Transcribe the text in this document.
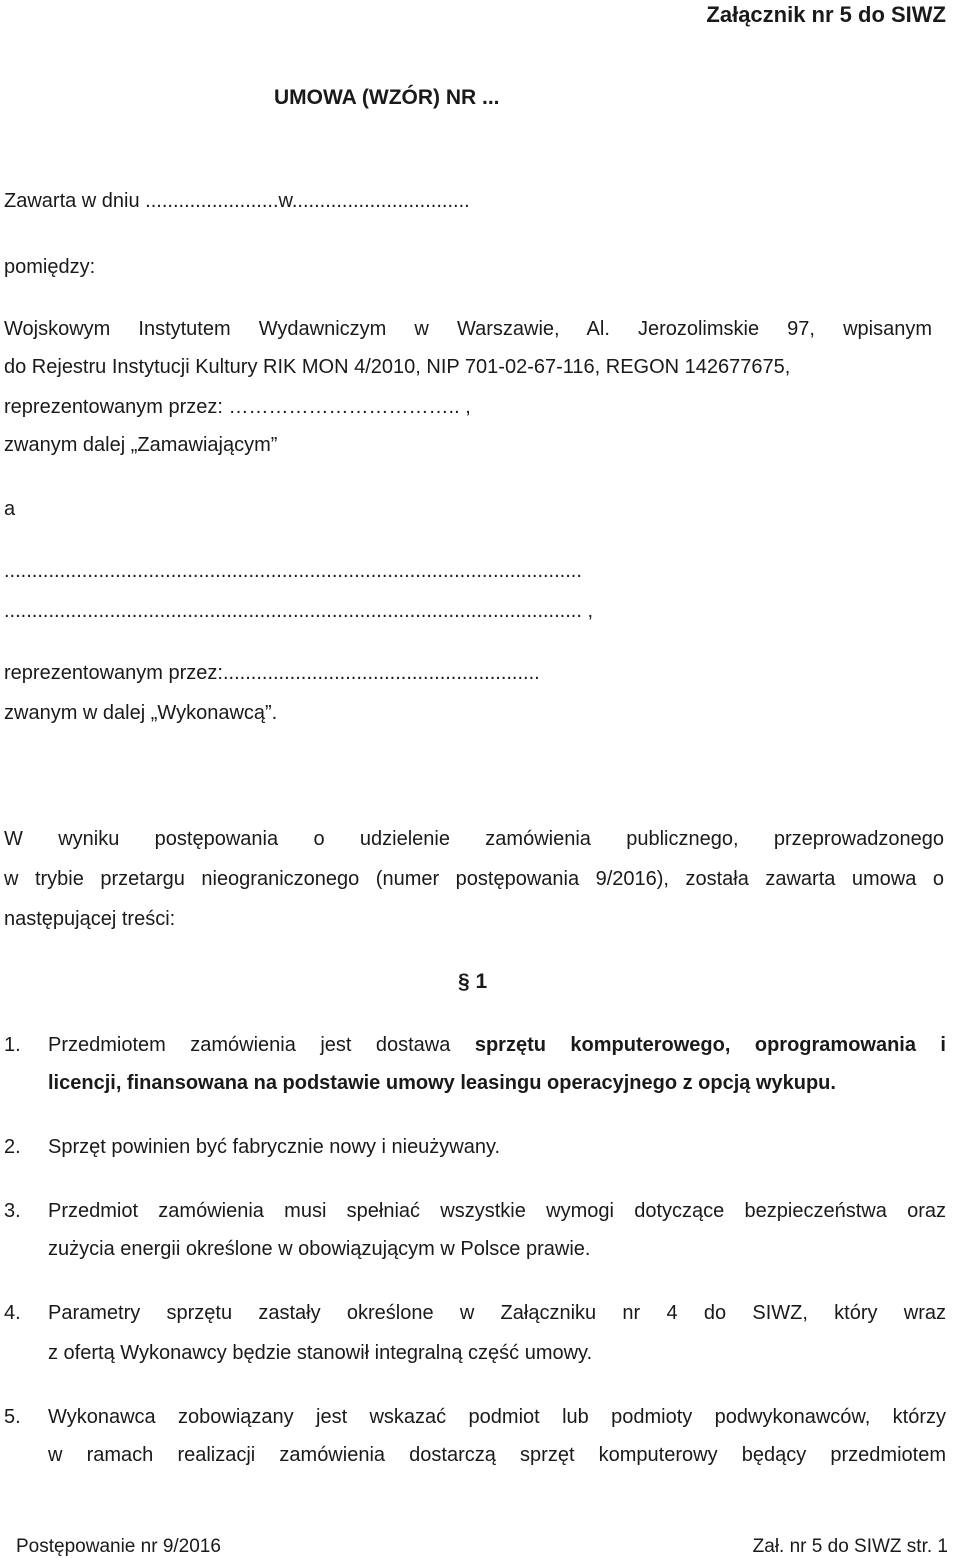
Załącznik nr 5 do SIWZ
UMOWA (WZÓR) NR ...
Zawarta w dniu ........................w................................
pomiędzy:
Wojskowym Instytutem Wydawniczym w Warszawie, Al. Jerozolimskie 97, wpisanym
do Rejestru Instytucji Kultury RIK MON 4/2010, NIP 701-02-67-116, REGON 142677675,
reprezentowanym przez: …………………………….. ,
zwanym dalej „Zamawiającym”
a
........................................................................................................
........................................................................................................ ,
reprezentowanym przez:.........................................................
zwanym w dalej „Wykonawcą”.
W wyniku postępowania o udzielenie zamówienia publicznego, przeprowadzonego
w trybie przetargu nieograniczonego (numer postępowania 9/2016), została zawarta umowa o
następującej treści:
§ 1
1. Przedmiotem zamówienia jest dostawa sprzętu komputerowego, oprogramowania i
licencji, finansowana na podstawie umowy leasingu operacyjnego z opcją wykupu.
2. Sprzęt powinien być fabrycznie nowy i nieużywany.
3. Przedmiot zamówienia musi spełniać wszystkie wymogi dotyczące bezpieczeństwa oraz
zużycia energii określone w obowiązującym w Polsce prawie.
4. Parametry sprzętu zastały określone w Załączniku nr 4 do SIWZ, który wraz
z ofertą Wykonawcy będzie stanowił integralną część umowy.
5. Wykonawca zobowiązany jest wskazać podmiot lub podmioty podwykonawców, którzy
w ramach realizacji zamówienia dostarczą sprzęt komputerowy będący przedmiotem
Postępowanie nr 9/2016	Zał. nr 5 do SIWZ str. 1
